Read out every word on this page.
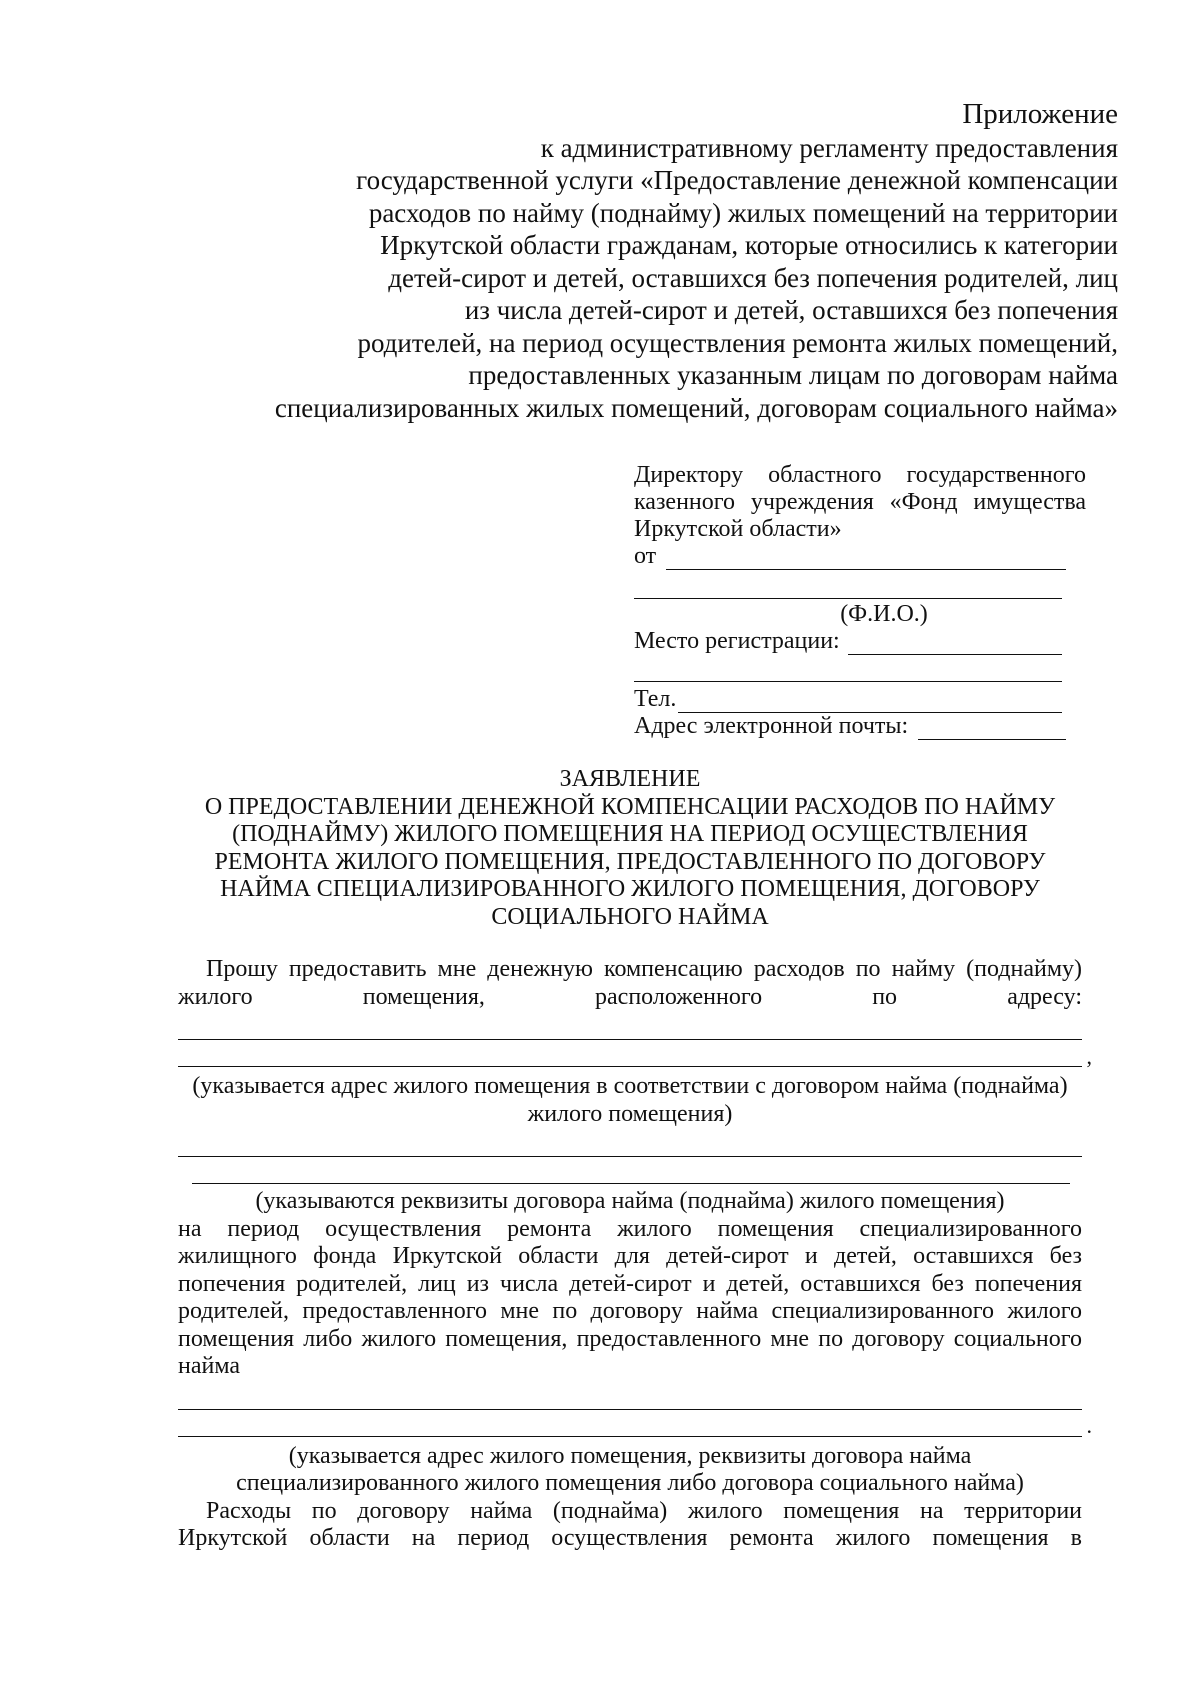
Приложение
к административному регламенту предоставления
государственной услуги «Предоставление денежной компенсации
расходов по найму (поднайму) жилых помещений на территории
Иркутской области гражданам, которые относились к категории
детей-сирот и детей, оставшихся без попечения родителей, лиц
из числа детей-сирот и детей, оставшихся без попечения
родителей, на период осуществления ремонта жилых помещений,
предоставленных указанным лицам по договорам найма
специализированных жилых помещений, договорам социального найма»
Директору областного государственного
казенного учреждения «Фонд имущества
Иркутской области»
от
(Ф.И.О.)
Место регистрации:
Тел.
Адрес электронной почты:
ЗАЯВЛЕНИЕ
О ПРЕДОСТАВЛЕНИИ ДЕНЕЖНОЙ КОМПЕНСАЦИИ РАСХОДОВ ПО НАЙМУ
(ПОДНАЙМУ) ЖИЛОГО ПОМЕЩЕНИЯ НА ПЕРИОД ОСУЩЕСТВЛЕНИЯ
РЕМОНТА ЖИЛОГО ПОМЕЩЕНИЯ, ПРЕДОСТАВЛЕННОГО ПО ДОГОВОРУ
НАЙМА СПЕЦИАЛИЗИРОВАННОГО ЖИЛОГО ПОМЕЩЕНИЯ, ДОГОВОРУ
СОЦИАЛЬНОГО НАЙМА
Прошу предоставить мне денежную компенсацию расходов по найму (поднайму)
жилого помещения, расположенного по адресу:
,
(указывается адрес жилого помещения в соответствии с договором найма (поднайма)
жилого помещения)
(указываются реквизиты договора найма (поднайма) жилого помещения)
на период осуществления ремонта жилого помещения специализированного жилищного фонда Иркутской области для детей-сирот и детей, оставшихся без попечения родителей, лиц из числа детей-сирот и детей, оставшихся без попечения родителей, предоставленного мне по договору найма специализированного жилого помещения либо жилого помещения, предоставленного мне по договору социального найма
.
(указывается адрес жилого помещения, реквизиты договора найма
специализированного жилого помещения либо договора социального найма)
Расходы по договору найма (поднайма) жилого помещения на территории
Иркутской области на период осуществления ремонта жилого помещения в
